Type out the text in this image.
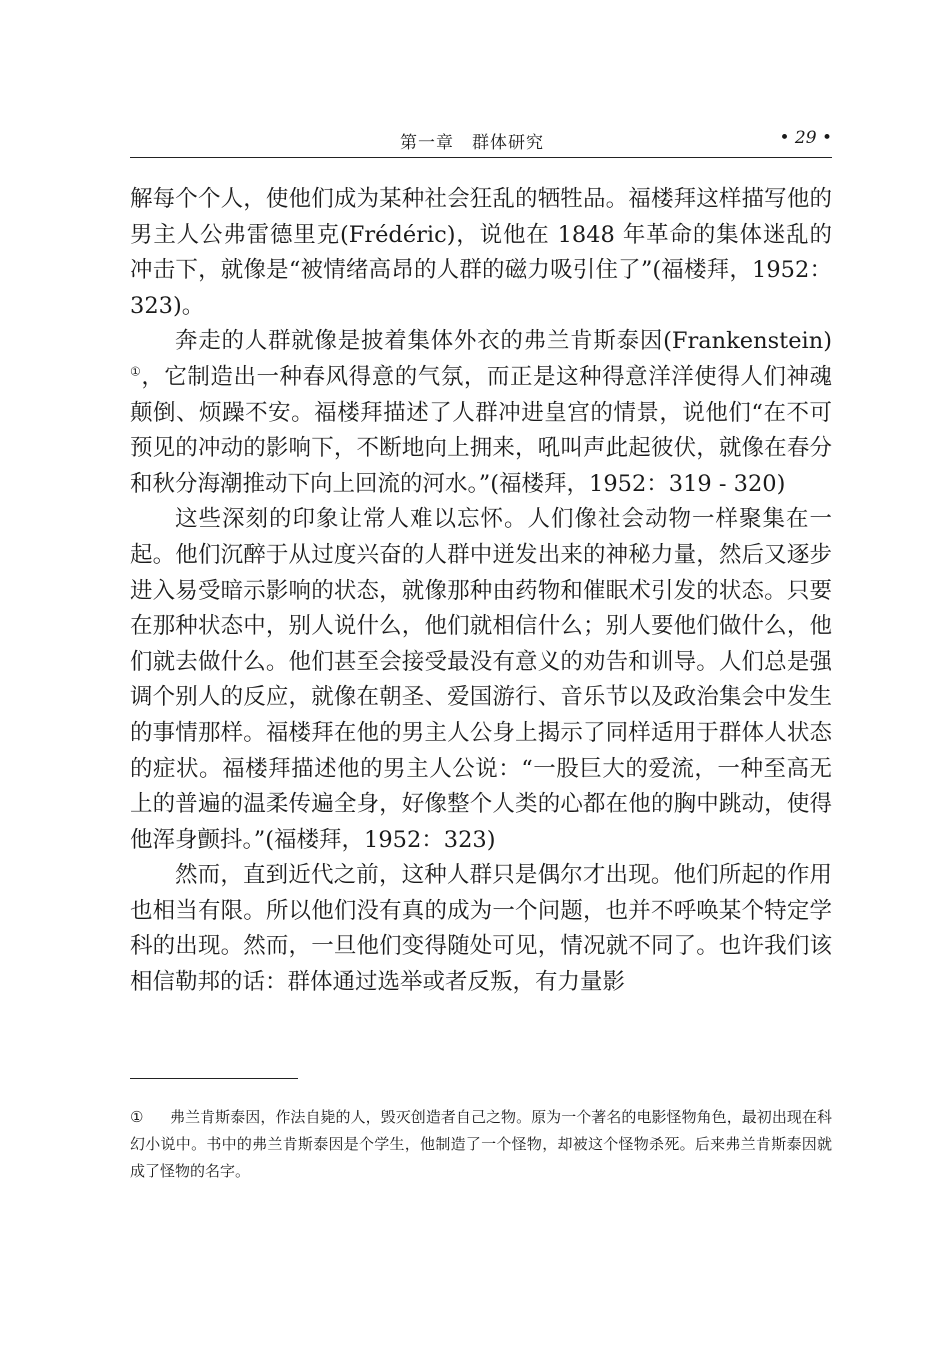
第一章　群体研究	• 29 •

解每个个人，使他们成为某种社会狂乱的牺牲品。福楼拜这样描写他的男主人公弗雷德里克(Frédéric)，说他在 1848 年革命的集体迷乱的冲击下，就像是“被情绪高昂的人群的磁力吸引住了”(福楼拜，1952：323)。

奔走的人群就像是披着集体外衣的弗兰肯斯泰因(Frankenstein)①，它制造出一种春风得意的气氛，而正是这种得意洋洋使得人们神魂颠倒、烦躁不安。福楼拜描述了人群冲进皇宫的情景，说他们“在不可预见的冲动的影响下，不断地向上拥来，吼叫声此起彼伏，就像在春分和秋分海潮推动下向上回流的河水。”(福楼拜，1952：319 - 320)

这些深刻的印象让常人难以忘怀。人们像社会动物一样聚集在一起。他们沉醉于从过度兴奋的人群中迸发出来的神秘力量，然后又逐步进入易受暗示影响的状态，就像那种由药物和催眠术引发的状态。只要在那种状态中，别人说什么，他们就相信什么；别人要他们做什么，他们就去做什么。他们甚至会接受最没有意义的劝告和训导。人们总是强调个别人的反应，就像在朝圣、爱国游行、音乐节以及政治集会中发生的事情那样。福楼拜在他的男主人公身上揭示了同样适用于群体人状态的症状。福楼拜描述他的男主人公说：“一股巨大的爱流，一种至高无上的普遍的温柔传遍全身，好像整个人类的心都在他的胸中跳动，使得他浑身颤抖。”(福楼拜，1952：323)

然而，直到近代之前，这种人群只是偶尔才出现。他们所起的作用也相当有限。所以他们没有真的成为一个问题，也并不呼唤某个特定学科的出现。然而，一旦他们变得随处可见，情况就不同了。也许我们该相信勒邦的话：群体通过选举或者反叛，有力量影

① 弗兰肯斯泰因，作法自毙的人，毁灭创造者自己之物。原为一个著名的电影怪物角色，最初出现在科幻小说中。书中的弗兰肯斯泰因是个学生，他制造了一个怪物，却被这个怪物杀死。后来弗兰肯斯泰因就成了怪物的名字。
